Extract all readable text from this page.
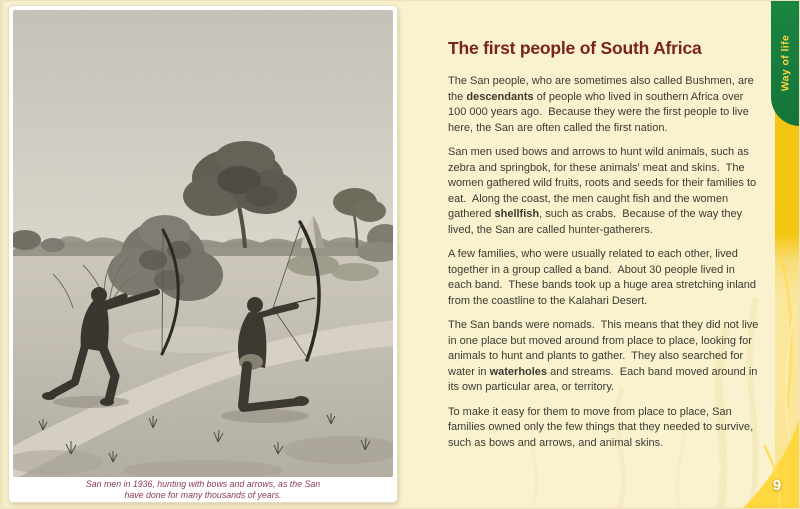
Way of life
9
San men in 1936, hunting with bows and arrows, as the San
have done for many thousands of years.
The first people of South Africa

The San people, who are sometimes also called Bushmen, are the descendants of people who lived in southern Africa over 100 000 years ago.  Because they were the first people to live here, the San are often called the first nation.

San men used bows and arrows to hunt wild animals, such as zebra and springbok, for these animals' meat and skins.  The women gathered wild fruits, roots and seeds for their families to eat.  Along the coast, the men caught fish and the women gathered shellfish, such as crabs.  Because of the way they lived, the San are called hunter-gatherers.

A few families, who were usually related to each other, lived together in a group called a band.  About 30 people lived in each band.  These bands took up a huge area stretching inland from the coastline to the Kalahari Desert.

The San bands were nomads.  This means that they did not live in one place but moved around from place to place, looking for animals to hunt and plants to gather.  They also searched for water in waterholes and streams.  Each band moved around in its own particular area, or territory.

To make it easy for them to move from place to place, San families owned only the few things that they needed to survive, such as bows and arrows, and animal skins.
